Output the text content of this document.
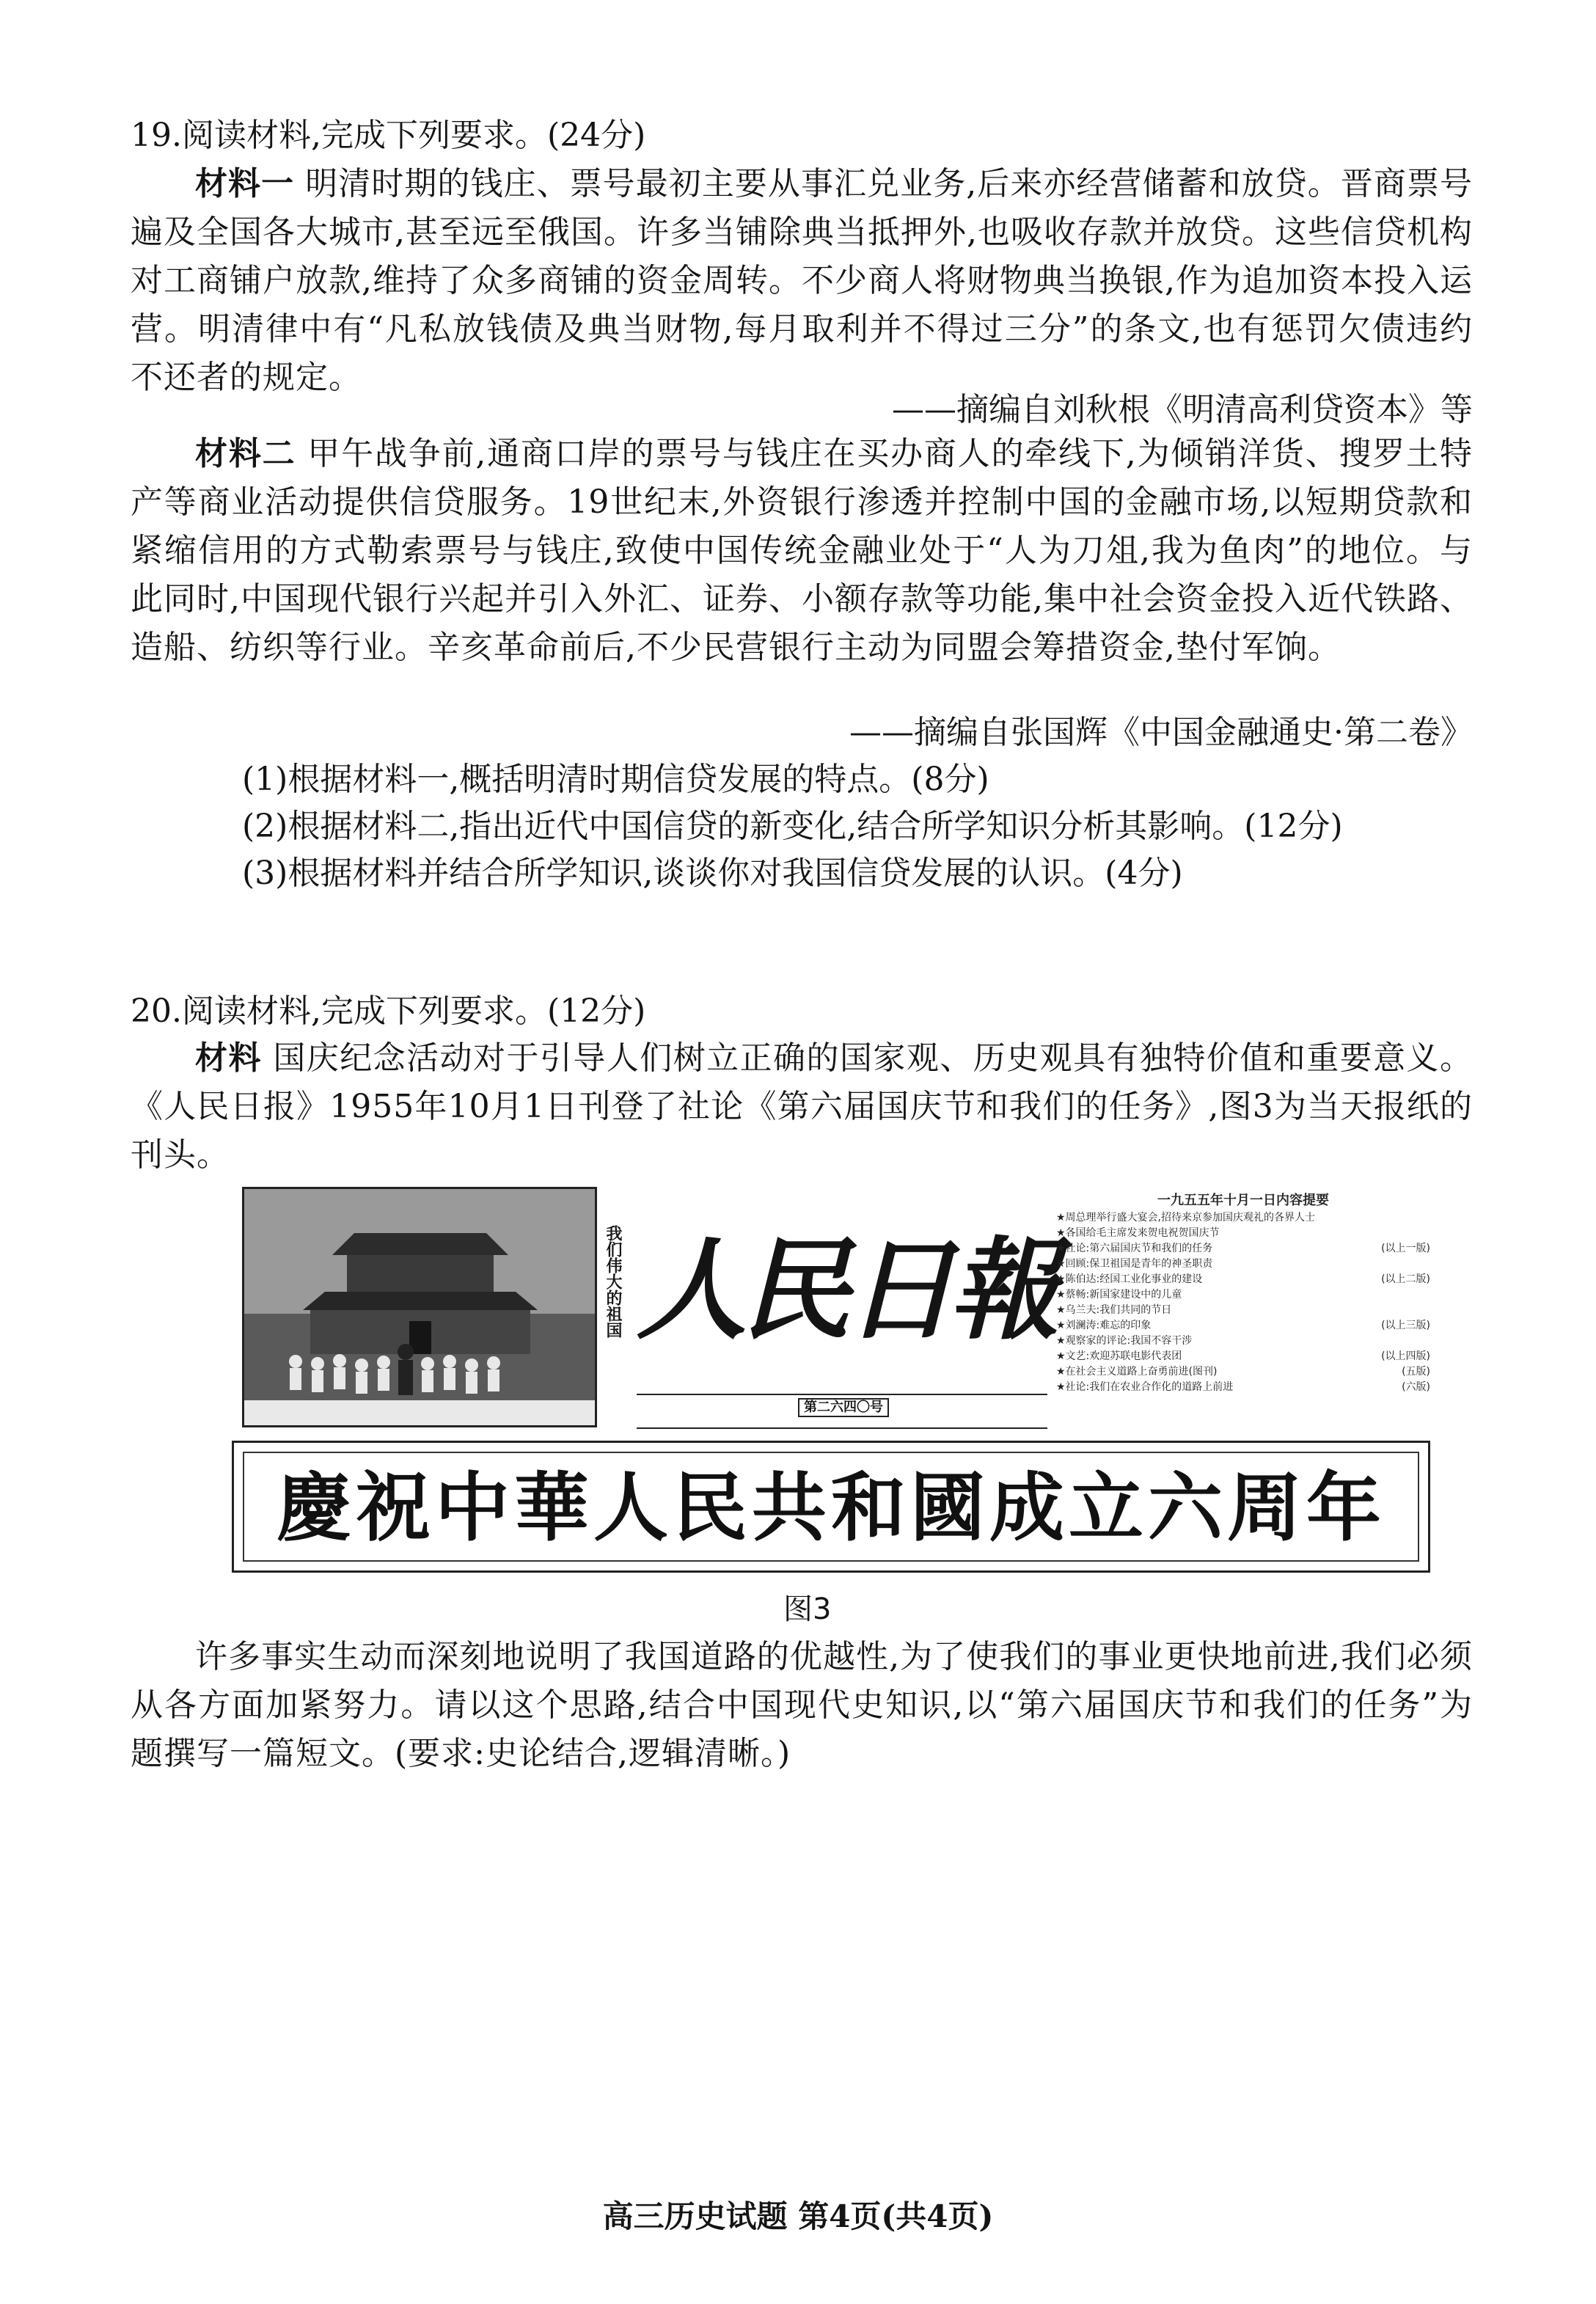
19.阅读材料,完成下列要求。(24分)

材料一 明清时期的钱庄、票号最初主要从事汇兑业务,后来亦经营储蓄和放贷。晋商票号遍及全国各大城市,甚至远至俄国。许多当铺除典当抵押外,也吸收存款并放贷。这些信贷机构对工商铺户放款,维持了众多商铺的资金周转。不少商人将财物典当换银,作为追加资本投入运营。明清律中有“凡私放钱债及典当财物,每月取利并不得过三分”的条文,也有惩罚欠债违约不还者的规定。

——摘编自刘秋根《明清高利贷资本》等

材料二 甲午战争前,通商口岸的票号与钱庄在买办商人的牵线下,为倾销洋货、搜罗土特产等商业活动提供信贷服务。19世纪末,外资银行渗透并控制中国的金融市场,以短期贷款和紧缩信用的方式勒索票号与钱庄,致使中国传统金融业处于“人为刀俎,我为鱼肉”的地位。与此同时,中国现代银行兴起并引入外汇、证券、小额存款等功能,集中社会资金投入近代铁路、造船、纺织等行业。辛亥革命前后,不少民营银行主动为同盟会筹措资金,垫付军饷。

——摘编自张国辉《中国金融通史·第二卷》
(1)根据材料一,概括明清时期信贷发展的特点。(8分)
(2)根据材料二,指出近代中国信贷的新变化,结合所学知识分析其影响。(12分)
(3)根据材料并结合所学知识,谈谈你对我国信贷发展的认识。(4分)
20.阅读材料,完成下列要求。(12分)

材料 国庆纪念活动对于引导人们树立正确的国家观、历史观具有独特价值和重要意义。《人民日报》1955年10月1日刊登了社论《第六届国庆节和我们的任务》,图3为当天报纸的刊头。

我们伟大的祖国 人民日報
第二六四〇号
一九五五年十月一日内容提要
★周总理举行盛大宴会,招待来京参加国庆观礼的各界人士
★各国给毛主席发来贺电祝贺国庆节
★社论:第六届国庆节和我们的任务	(以上一版)
★回顾:保卫祖国是青年的神圣职责
★陈伯达:经国工业化事业的建设	(以上二版)
★蔡畅:新国家建设中的儿童
★乌兰夫:我们共同的节日
★刘澜涛:难忘的印象	(以上三版)
★观察家的评论:我国不容干涉
★文艺:欢迎苏联电影代表团	(以上四版)
★在社会主义道路上奋勇前进(图刊)	(五版)
★社论:我们在农业合作化的道路上前进	(六版)
慶祝中華人民共和國成立六周年
图3

许多事实生动而深刻地说明了我国道路的优越性,为了使我们的事业更快地前进,我们必须从各方面加紧努力。请以这个思路,结合中国现代史知识,以“第六届国庆节和我们的任务”为题撰写一篇短文。(要求:史论结合,逻辑清晰。)

高三历史试题 第4页(共4页)
